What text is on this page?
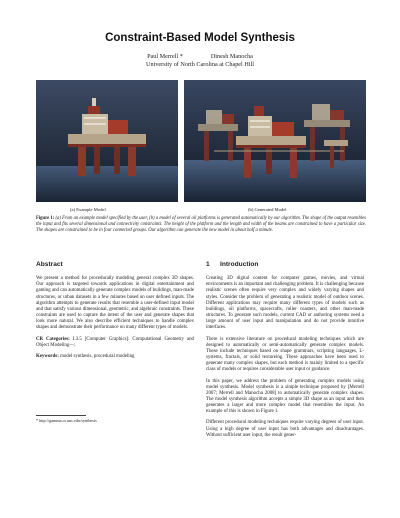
Constraint-Based Model Synthesis
Paul Merrell *	Dinesh Manocha
University of North Carolina at Chapel Hill
(a) Example Model	(b) Generated Model
Figure 1: (a) From an example model specified by the user, (b) a model of several oil platforms is generated automatically by our algorithm. The shape of the output resembles the input and fits several dimensional and connectivity constraints. The height of the platform and the length and width of the beams are constrained to have a particular size. The shapes are constrained to be in four connected groups. Our algorithm can generate the new model in about half a minute.
Abstract

We present a method for procedurally modeling general complex 3D shapes. Our approach is targeted towards applications in digital entertainment and gaming and can automatically generate complex models of buildings, man-made structures, or urban datasets in a few minutes based on user defined inputs. The algorithm attempts to generate results that resemble a user-defined input model and that satisfy various dimensional, geometric, and algebraic constraints. These constraints are used to capture the intent of the user and generate shapes that look more natural. We also describe efficient techniques to handle complex shapes and demonstrate their performance on many different types of models.

CR Categories: I.3.5 [Computer Graphics]: Computational Geometry and Object Modeling—;

Keywords: model synthesis, procedural modeling

* http://gamma.cs.unc.edu/synthesis
1 Introduction

Creating 3D digital content for computer games, movies, and virtual environments is an important and challenging problem. It is challenging because realistic scenes often require very complex and widely varying shapes and styles. Consider the problem of generating a realistic model of outdoor scenes. Different applications may require many different types of models such as buildings, oil platforms, spacecrafts, roller coasters, and other man-made structures. To generate such models, current CAD or authoring systems need a large amount of user input and manipulation and do not provide intuitive interfaces.

There is extensive literature on procedural modeling techniques which are designed to automatically or semi-automatically generate complex models. These include techniques based on shape grammars, scripting languages, L-systems, fractals, or solid textureing. These approaches have been used to generate many complex shapes, but each method is mainly limited to a specific class of models or requires considerable user input or guidance.

In this paper, we address the problem of generating complex models using model synthesis. Model synthesis is a simple technique proposed by [Merrell 2007; Merrell and Manocha 2008] to automatically generate complex shapes. The model synthesis algorithm accepts a simple 3D shape as an input and then generates a larger and more complex model that resembles the input. An example of this is shown in Figure 1.

Different procedural modeling techniques require varying degrees of user input. Using a high degree of user input has both advantages and disadvantages. Without sufficient user input, the result gener-
